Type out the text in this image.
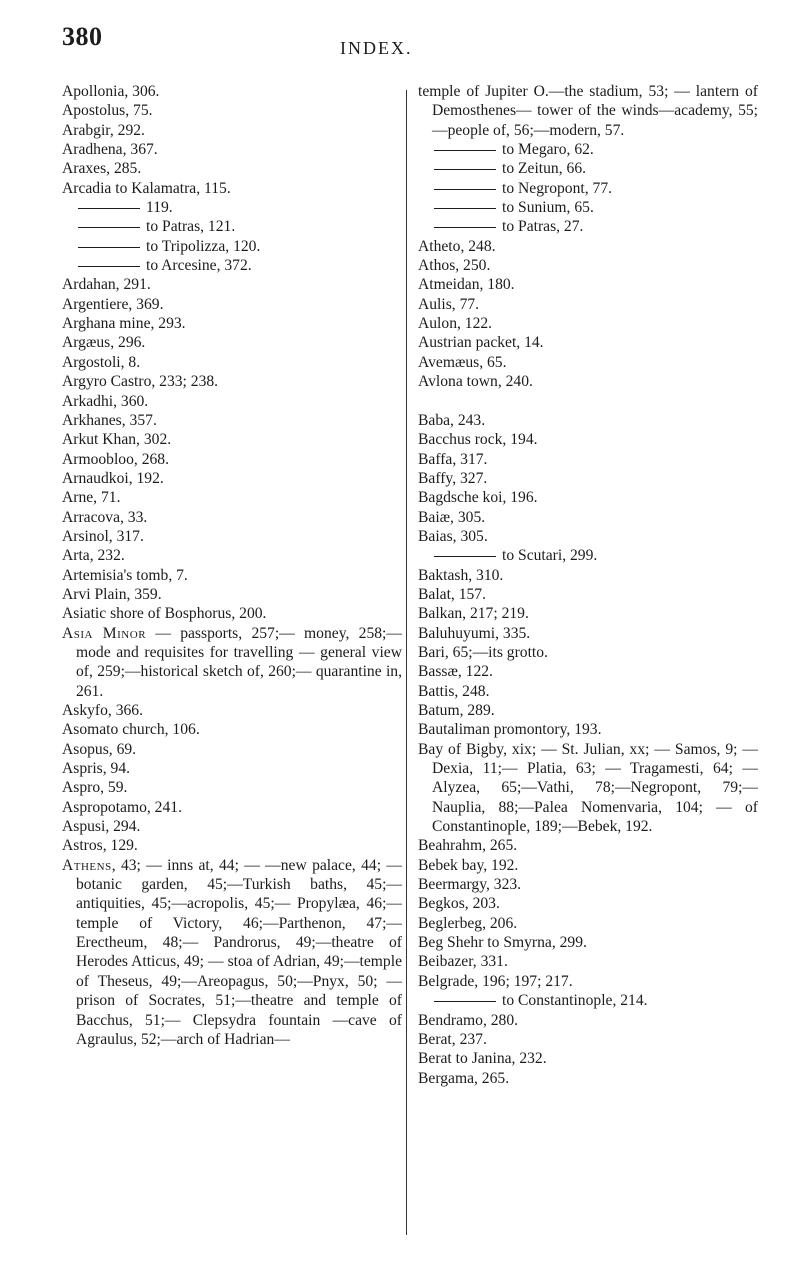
380	INDEX.
Apollonia, 306.
Apostolus, 75.
Arabgir, 292.
Aradhena, 367.
Araxes, 285.
Arcadia to Kalamatra, 115.
119.
to Patras, 121.
to Tripolizza, 120.
to Arcesine, 372.
Ardahan, 291.
Argentiere, 369.
Arghana mine, 293.
Argæus, 296.
Argostoli, 8.
Argyro Castro, 233; 238.
Arkadhi, 360.
Arkhanes, 357.
Arkut Khan, 302.
Armoobloo, 268.
Arnaudkoi, 192.
Arne, 71.
Arracova, 33.
Arsinol, 317.
Arta, 232.
Artemisia's tomb, 7.
Arvi Plain, 359.
Asiatic shore of Bosphorus, 200.
Asia Minor — passports, 257;— money, 258;—mode and requisites for travelling — general view of, 259;—historical sketch of, 260;— quarantine in, 261.
Askyfo, 366.
Asomato church, 106.
Asopus, 69.
Aspris, 94.
Aspro, 59.
Aspropotamo, 241.
Aspusi, 294.
Astros, 129.
Athens, 43; — inns at, 44; — —new palace, 44; —botanic garden, 45;—Turkish baths, 45;— antiquities, 45;—acropolis, 45;— Propylæa, 46;—temple of Victory, 46;—Parthenon, 47;—Erectheum, 48;— Pandrorus, 49;—theatre of Herodes Atticus, 49; — stoa of Adrian, 49;—temple of Theseus, 49;—Areopagus, 50;—Pnyx, 50; —prison of Socrates, 51;—theatre and temple of Bacchus, 51;— Clepsydra fountain —cave of Agraulus, 52;—arch of Hadrian—
temple of Jupiter O.—the stadium, 53; — lantern of Demosthenes— tower of the winds—academy, 55; —people of, 56;—modern, 57.
to Megaro, 62.
to Zeitun, 66.
to Negropont, 77.
to Sunium, 65.
to Patras, 27.
Atheto, 248.
Athos, 250.
Atmeidan, 180.
Aulis, 77.
Aulon, 122.
Austrian packet, 14.
Avemæus, 65.
Avlona town, 240.
Baba, 243.
Bacchus rock, 194.
Baffa, 317.
Baffy, 327.
Bagdsche koi, 196.
Baiæ, 305.
Baias, 305.
to Scutari, 299.
Baktash, 310.
Balat, 157.
Balkan, 217; 219.
Baluhuyumi, 335.
Bari, 65;—its grotto.
Bassæ, 122.
Battis, 248.
Batum, 289.
Bautaliman promontory, 193.
Bay of Bigby, xix; — St. Julian, xx; — Samos, 9; — Dexia, 11;— Platia, 63; — Tragamesti, 64; — Alyzea, 65;—Vathi, 78;—Negropont, 79;—Nauplia, 88;—Palea Nomenvaria, 104; — of Constantinople, 189;—Bebek, 192.
Beahrahm, 265.
Bebek bay, 192.
Beermargy, 323.
Begkos, 203.
Beglerbeg, 206.
Beg Shehr to Smyrna, 299.
Beibazer, 331.
Belgrade, 196; 197; 217.
to Constantinople, 214.
Bendramo, 280.
Berat, 237.
Berat to Janina, 232.
Bergama, 265.
